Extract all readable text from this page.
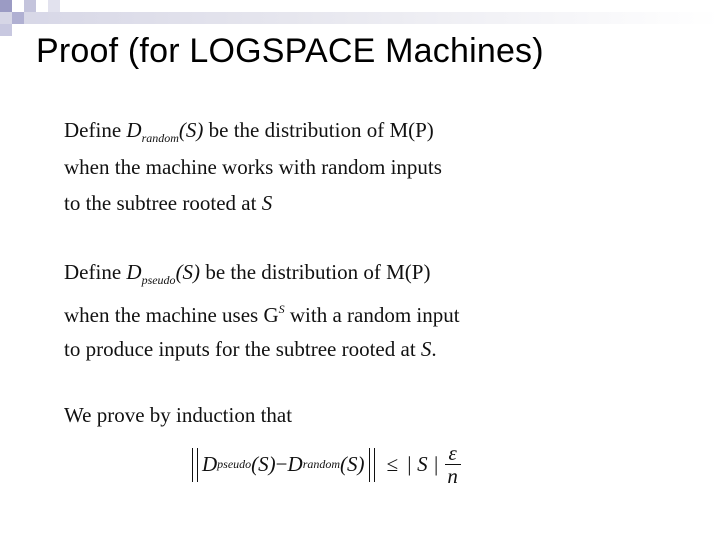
Proof (for LOGSPACE Machines)
Define $D_{random}(S)$ be the distribution of M(P)
when the machine works with random inputs
to the subtree rooted at S
Define $D_{pseudo}(S)$ be the distribution of M(P)
when the machine uses $G^S$ with a random input
to produce inputs for the subtree rooted at S.
We prove by induction that
D pseudo (S) − D random (S) ≤ | S | $\frac{\varepsilon}{n}$
